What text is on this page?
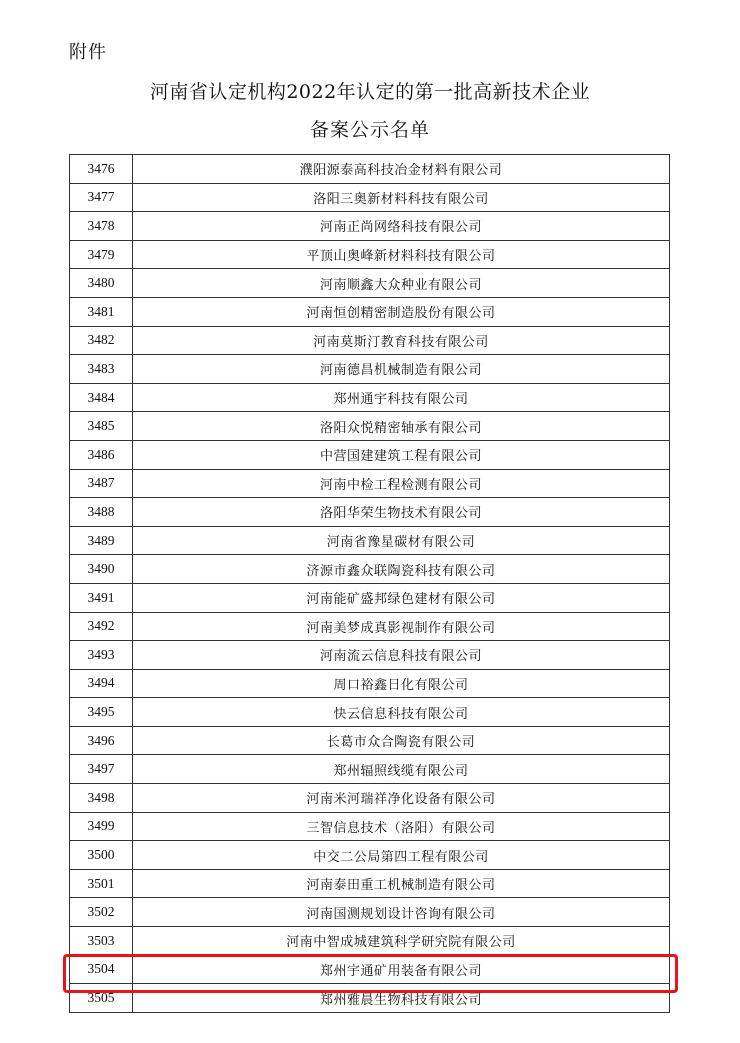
附件
河南省认定机构2022年认定的第一批高新技术企业
备案公示名单
3476	濮阳源泰高科技冶金材料有限公司
3477	洛阳三奥新材料科技有限公司
3478	河南正尚网络科技有限公司
3479	平顶山奥峰新材料科技有限公司
3480	河南顺鑫大众种业有限公司
3481	河南恒创精密制造股份有限公司
3482	河南莫斯汀教育科技有限公司
3483	河南德昌机械制造有限公司
3484	郑州通宇科技有限公司
3485	洛阳众悦精密轴承有限公司
3486	中营国建建筑工程有限公司
3487	河南中检工程检测有限公司
3488	洛阳华荣生物技术有限公司
3489	河南省豫星碳材有限公司
3490	济源市鑫众联陶瓷科技有限公司
3491	河南能矿盛邦绿色建材有限公司
3492	河南美梦成真影视制作有限公司
3493	河南流云信息科技有限公司
3494	周口裕鑫日化有限公司
3495	快云信息科技有限公司
3496	长葛市众合陶瓷有限公司
3497	郑州辐照线缆有限公司
3498	河南米河瑞祥净化设备有限公司
3499	三智信息技术（洛阳）有限公司
3500	中交二公局第四工程有限公司
3501	河南泰田重工机械制造有限公司
3502	河南国测规划设计咨询有限公司
3503	河南中智成城建筑科学研究院有限公司
3504	郑州宇通矿用装备有限公司
3505	郑州雅晨生物科技有限公司
